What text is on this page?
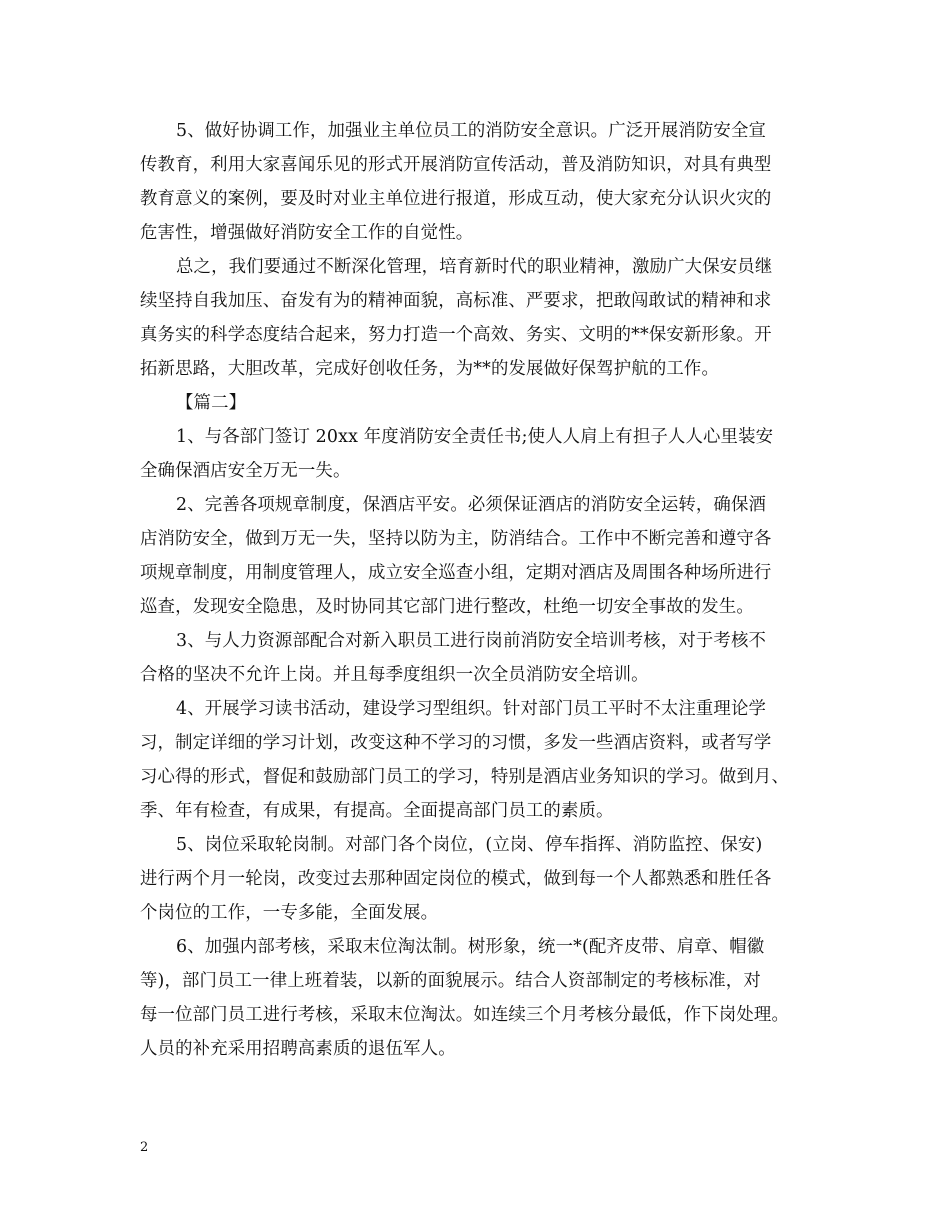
5、做好协调工作，加强业主单位员工的消防安全意识。广泛开展消防安全宣
传教育，利用大家喜闻乐见的形式开展消防宣传活动，普及消防知识，对具有典型
教育意义的案例，要及时对业主单位进行报道，形成互动，使大家充分认识火灾的
危害性，增强做好消防安全工作的自觉性。
总之，我们要通过不断深化管理，培育新时代的职业精神，激励广大保安员继
续坚持自我加压、奋发有为的精神面貌，高标准、严要求，把敢闯敢试的精神和求
真务实的科学态度结合起来，努力打造一个高效、务实、文明的**保安新形象。开
拓新思路，大胆改革，完成好创收任务，为**的发展做好保驾护航的工作。
【篇二】
1、与各部门签订 20xx 年度消防安全责任书;使人人肩上有担子人人心里装安
全确保酒店安全万无一失。
2、完善各项规章制度，保酒店平安。必须保证酒店的消防安全运转，确保酒
店消防安全，做到万无一失，坚持以防为主，防消结合。工作中不断完善和遵守各
项规章制度，用制度管理人，成立安全巡查小组，定期对酒店及周围各种场所进行
巡查，发现安全隐患，及时协同其它部门进行整改，杜绝一切安全事故的发生。
3、与人力资源部配合对新入职员工进行岗前消防安全培训考核，对于考核不
合格的坚决不允许上岗。并且每季度组织一次全员消防安全培训。
4、开展学习读书活动，建设学习型组织。针对部门员工平时不太注重理论学
习，制定详细的学习计划，改变这种不学习的习惯，多发一些酒店资料，或者写学
习心得的形式，督促和鼓励部门员工的学习，特别是酒店业务知识的学习。做到月、
季、年有检查，有成果，有提高。全面提高部门员工的素质。
5、岗位采取轮岗制。对部门各个岗位，(立岗、停车指挥、消防监控、保安)
进行两个月一轮岗，改变过去那种固定岗位的模式，做到每一个人都熟悉和胜任各
个岗位的工作，一专多能，全面发展。
6、加强内部考核，采取末位淘汰制。树形象，统一*(配齐皮带、肩章、帽徽
等)，部门员工一律上班着装，以新的面貌展示。结合人资部制定的考核标准，对
每一位部门员工进行考核，采取末位淘汰。如连续三个月考核分最低，作下岗处理。
人员的补充采用招聘高素质的退伍军人。
2
